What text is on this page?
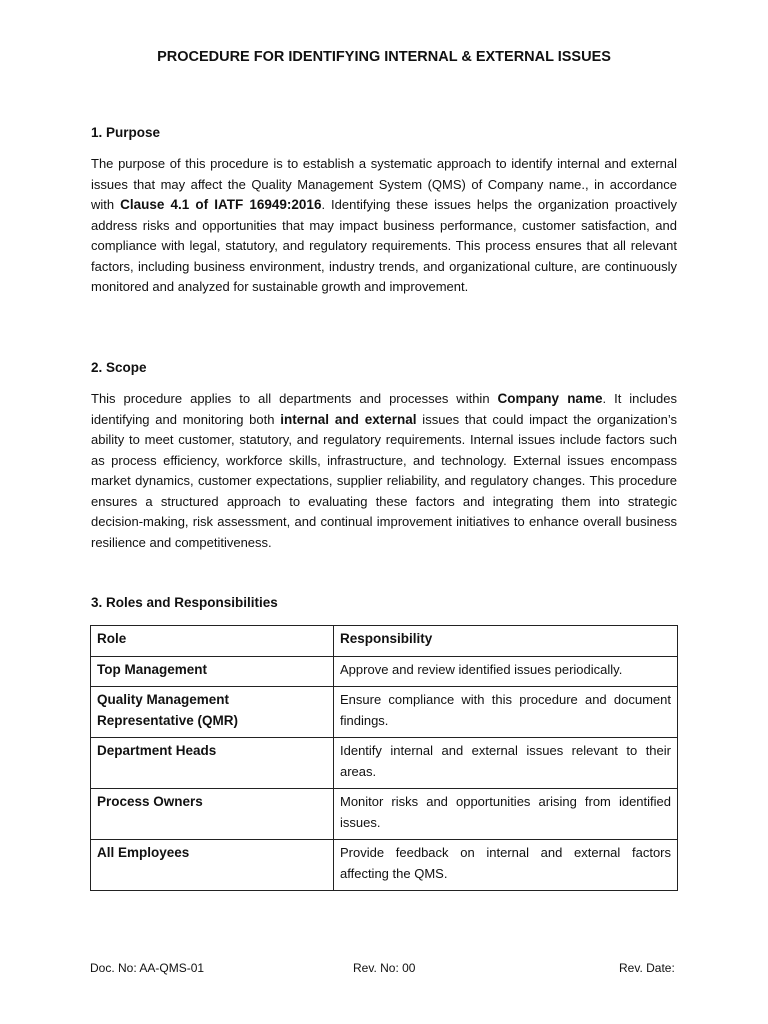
PROCEDURE FOR IDENTIFYING INTERNAL & EXTERNAL ISSUES
1. Purpose
The purpose of this procedure is to establish a systematic approach to identify internal and external issues that may affect the Quality Management System (QMS) of Company name., in accordance with Clause 4.1 of IATF 16949:2016. Identifying these issues helps the organization proactively address risks and opportunities that may impact business performance, customer satisfaction, and compliance with legal, statutory, and regulatory requirements. This process ensures that all relevant factors, including business environment, industry trends, and organizational culture, are continuously monitored and analyzed for sustainable growth and improvement.
2. Scope
This procedure applies to all departments and processes within Company name. It includes identifying and monitoring both internal and external issues that could impact the organization’s ability to meet customer, statutory, and regulatory requirements. Internal issues include factors such as process efficiency, workforce skills, infrastructure, and technology. External issues encompass market dynamics, customer expectations, supplier reliability, and regulatory changes. This procedure ensures a structured approach to evaluating these factors and integrating them into strategic decision-making, risk assessment, and continual improvement initiatives to enhance overall business resilience and competitiveness.
3. Roles and Responsibilities
Role	Responsibility
Top Management	Approve and review identified issues periodically.
Quality Management Representative (QMR)	Ensure compliance with this procedure and document findings.
Department Heads	Identify internal and external issues relevant to their areas.
Process Owners	Monitor risks and opportunities arising from identified issues.
All Employees	Provide feedback on internal and external factors affecting the QMS.
Doc. No: AA-QMS-01	Rev. No: 00	Rev. Date:
